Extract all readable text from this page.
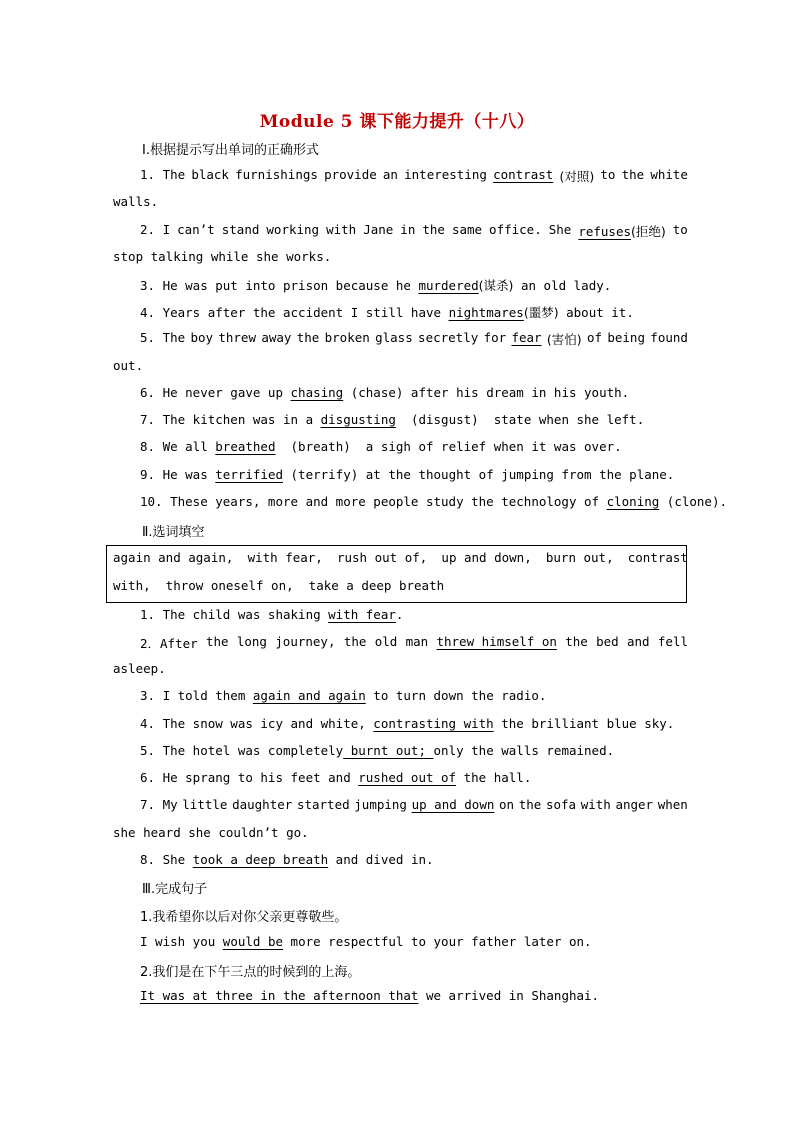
Module 5 课下能力提升（十八）
Ⅰ.根据提示写出单词的正确形式
1. The black furnishings provide an interesting contrast (对照) to the white
walls.
2. I can’t stand working with Jane in the same office. She refuses(拒绝) to
stop talking while she works.
3. He was put into prison because he murdered(谋杀) an old lady.
4. Years after the accident I still have nightmares(噩梦) about it.
5. The boy threw away the broken glass secretly for fear (害怕) of being found
out.
6. He never gave up chasing (chase) after his dream in his youth.
7. The kitchen was in a disgusting  (disgust)  state when she left.
8. We all breathed  (breath)  a sigh of relief when it was over.
9. He was terrified (terrify) at the thought of jumping from the plane.
10. These years, more and more people study the technology of cloning (clone).
Ⅱ.选词填空
again and again, with fear, rush out of, up and down, burn out, contrast
with,  throw oneself on,  take a deep breath
1. The child was shaking with fear.
2．After the long journey, the old man threw himself on the bed and fell
asleep.
3. I told them again and again to turn down the radio.
4. The snow was icy and white, contrasting with the brilliant blue sky.
5. The hotel was completely burnt out; only the walls remained.
6. He sprang to his feet and rushed out of the hall.
7. My little daughter started jumping up and down on the sofa with anger when
she heard she couldn’t go.
8. She took a deep breath and dived in.
Ⅲ.完成句子
1.我希望你以后对你父亲更尊敬些。
I wish you would be more respectful to your father later on.
2.我们是在下午三点的时候到的上海。
It was at three in the afternoon that we arrived in Shanghai.
